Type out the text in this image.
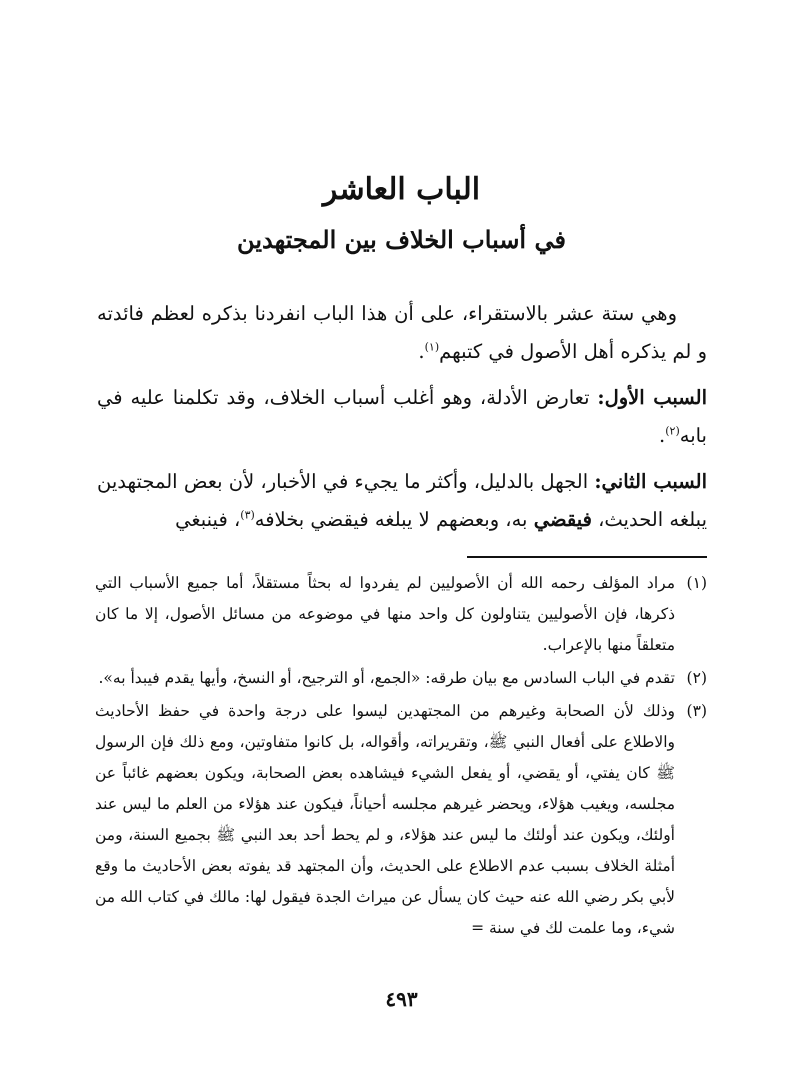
الباب العاشر
في أسباب الخلاف بين المجتهدين

وهي ستة عشر بالاستقراء، على أن هذا الباب انفردنا بذكره لعظم فائدته و لم يذكره أهل الأصول في كتبهم$^{(١)}$.

السبب الأول: تعارض الأدلة، وهو أغلب أسباب الخلاف، وقد تكلمنا عليه في بابه$^{(٢)}$.

السبب الثاني: الجهل بالدليل، وأكثر ما يجيء في الأخبار، لأن بعض المجتهدين يبلغه الحديث، فيقضي به، وبعضهم لا يبلغه فيقضي بخلافه$^{(٣)}$، فينبغي

(١)
مراد المؤلف رحمه الله أن الأصوليين لم يفردوا له بحثاً مستقلاً، أما جميع الأسباب التي ذكرها، فإن الأصوليين يتناولون كل واحد منها في موضوعه من مسائل الأصول، إلا ما كان متعلقاً منها بالإعراب.
(٢)
تقدم في الباب السادس مع بيان طرقه: «الجمع، أو الترجيح، أو النسخ، وأيها يقدم فيبدأ به».
(٣)
وذلك لأن الصحابة وغيرهم من المجتهدين ليسوا على درجة واحدة في حفظ الأحاديث والاطلاع على أفعال النبي ﷺ، وتقريراته، وأقواله، بل كانوا متفاوتين، ومع ذلك فإن الرسول ﷺ كان يفتي، أو يقضي، أو يفعل الشيء فيشاهده بعض الصحابة، ويكون بعضهم غائباً عن مجلسه، ويغيب هؤلاء، ويحضر غيرهم مجلسه أحياناً، فيكون عند هؤلاء من العلم ما ليس عند أولئك، ويكون عند أولئك ما ليس عند هؤلاء، و لم يحط أحد بعد النبي ﷺ بجميع السنة، ومن أمثلة الخلاف بسبب عدم الاطلاع على الحديث، وأن المجتهد قد يفوته بعض الأحاديث ما وقع لأبي بكر رضي الله عنه حيث كان يسأل عن ميراث الجدة فيقول لها: مالك في كتاب الله من شيء، وما علمت لك في سنة =
٤٩٣
